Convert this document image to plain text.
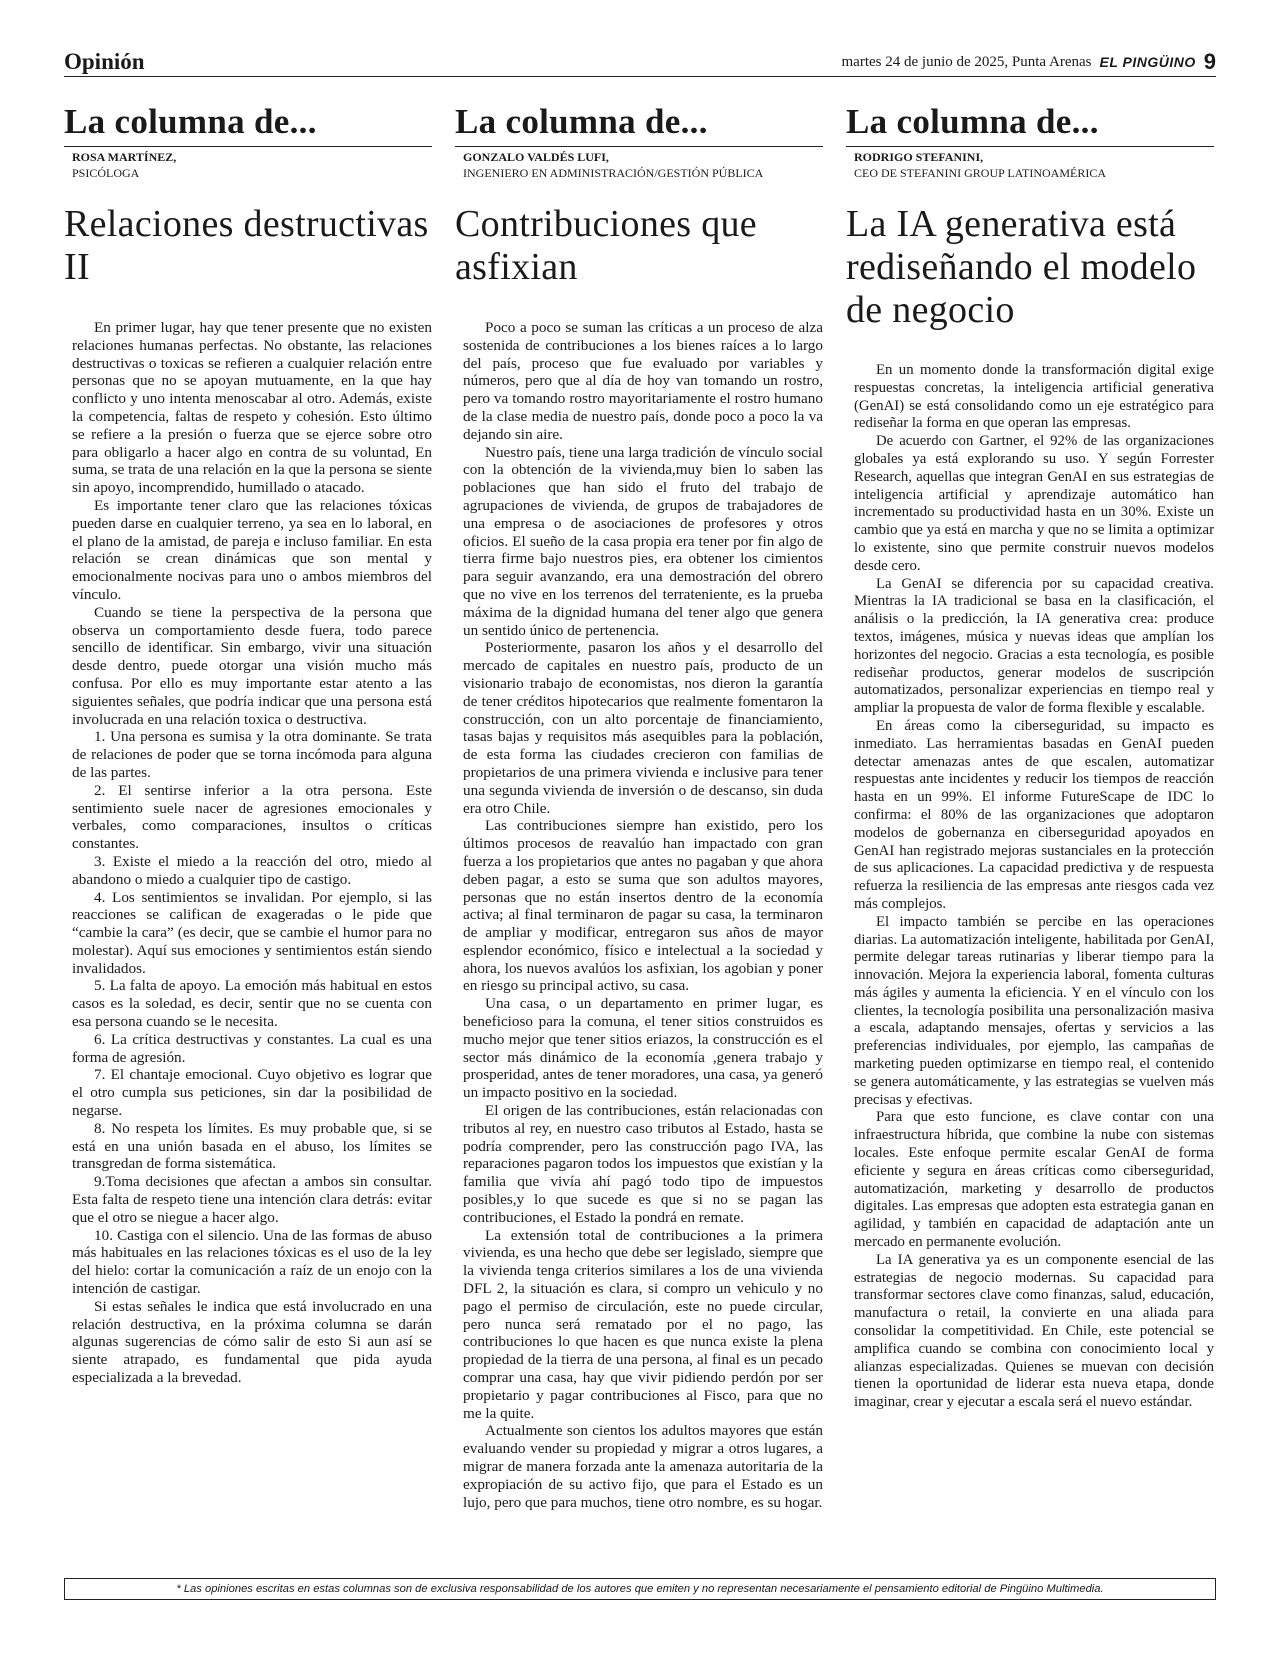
Opinión	martes 24 de junio de 2025, Punta Arenas EL PINGÜINO 9
La columna de...
ROSA MARTÍNEZ,
PSICÓLOGA
Relaciones destructivas II

En primer lugar, hay que tener presente que no existen relaciones humanas perfectas. No obstante, las relaciones destructivas o toxicas se refieren a cualquier relación entre personas que no se apoyan mutuamente, en la que hay conflicto y uno intenta menoscabar al otro. Además, existe la competencia, faltas de respeto y cohesión. Esto último se refiere a la presión o fuerza que se ejerce sobre otro para obligarlo a hacer algo en contra de su voluntad, En suma, se trata de una relación en la que la persona se siente sin apoyo, incomprendido, humillado o atacado.

Es importante tener claro que las relaciones tóxicas pueden darse en cualquier terreno, ya sea en lo laboral, en el plano de la amistad, de pareja e incluso familiar. En esta relación se crean dinámicas que son mental y emocionalmente nocivas para uno o ambos miembros del vínculo.

Cuando se tiene la perspectiva de la persona que observa un comportamiento desde fuera, todo parece sencillo de identificar. Sin embargo, vivir una situación desde dentro, puede otorgar una visión mucho más confusa. Por ello es muy importante estar atento a las siguientes señales, que podría indicar que una persona está involucrada en una relación toxica o destructiva.

1. Una persona es sumisa y la otra dominante. Se trata de relaciones de poder que se torna incómoda para alguna de las partes.

2. El sentirse inferior a la otra persona. Este sentimiento suele nacer de agresiones emocionales y verbales, como comparaciones, insultos o críticas constantes.

3. Existe el miedo a la reacción del otro, miedo al abandono o miedo a cualquier tipo de castigo.

4. Los sentimientos se invalidan. Por ejemplo, si las reacciones se califican de exageradas o le pide que “cambie la cara” (es decir, que se cambie el humor para no molestar). Aquí sus emociones y sentimientos están siendo invalidados.

5. La falta de apoyo. La emoción más habitual en estos casos es la soledad, es decir, sentir que no se cuenta con esa persona cuando se le necesita.

6. La crítica destructivas y constantes. La cual es una forma de agresión.

7. El chantaje emocional. Cuyo objetivo es lograr que el otro cumpla sus peticiones, sin dar la posibilidad de negarse.

8. No respeta los límites. Es muy probable que, si se está en una unión basada en el abuso, los límites se transgredan de forma sistemática.

9.Toma decisiones que afectan a ambos sin consultar. Esta falta de respeto tiene una intención clara detrás: evitar que el otro se niegue a hacer algo.

10. Castiga con el silencio. Una de las formas de abuso más habituales en las relaciones tóxicas es el uso de la ley del hielo: cortar la comunicación a raíz de un enojo con la intención de castigar.

Si estas señales le indica que está involucrado en una relación destructiva, en la próxima columna se darán algunas sugerencias de cómo salir de esto Si aun así se siente atrapado, es fundamental que pida ayuda especializada a la brevedad.

La columna de...
GONZALO VALDÉS LUFI,
INGENIERO EN ADMINISTRACIÓN/GESTIÓN PÚBLICA
Contribuciones que asfixian

Poco a poco se suman las críticas a un proceso de alza sostenida de contribuciones a los bienes raíces a lo largo del país, proceso que fue evaluado por variables y números, pero que al día de hoy van tomando un rostro, pero va tomando rostro mayoritariamente el rostro humano de la clase media de nuestro país, donde poco a poco la va dejando sin aire.

Nuestro país, tiene una larga tradición de vínculo social con la obtención de la vivienda,muy bien lo saben las poblaciones que han sido el fruto del trabajo de agrupaciones de vivienda, de grupos de trabajadores de una empresa o de asociaciones de profesores y otros oficios. El sueño de la casa propia era tener por fin algo de tierra firme bajo nuestros pies, era obtener los cimientos para seguir avanzando, era una demostración del obrero que no vive en los terrenos del terrateniente, es la prueba máxima de la dignidad humana del tener algo que genera un sentido único de pertenencia.

Posteriormente, pasaron los años y el desarrollo del mercado de capitales en nuestro país, producto de un visionario trabajo de economistas, nos dieron la garantía de tener créditos hipotecarios que realmente fomentaron la construcción, con un alto porcentaje de financiamiento, tasas bajas y requisitos más asequibles para la población, de esta forma las ciudades crecieron con familias de propietarios de una primera vivienda e inclusive para tener una segunda vivienda de inversión o de descanso, sin duda era otro Chile.

Las contribuciones siempre han existido, pero los últimos procesos de reavalúo han impactado con gran fuerza a los propietarios que antes no pagaban y que ahora deben pagar, a esto se suma que son adultos mayores, personas que no están insertos dentro de la economía activa; al final terminaron de pagar su casa, la terminaron de ampliar y modificar, entregaron sus años de mayor esplendor económico, físico e intelectual a la sociedad y ahora, los nuevos avalúos los asfixian, los agobian y poner en riesgo su principal activo, su casa.

Una casa, o un departamento en primer lugar, es beneficioso para la comuna, el tener sitios construidos es mucho mejor que tener sitios eriazos, la construcción es el sector más dinámico de la economía ,genera trabajo y prosperidad, antes de tener moradores, una casa, ya generó un impacto positivo en la sociedad.

El origen de las contribuciones, están relacionadas con tributos al rey, en nuestro caso tributos al Estado, hasta se podría comprender, pero las construcción pago IVA, las reparaciones pagaron todos los impuestos que existían y la familia que vivía ahí pagó todo tipo de impuestos posibles,y lo que sucede es que si no se pagan las contribuciones, el Estado la pondrá en remate.

La extensión total de contribuciones a la primera vivienda, es una hecho que debe ser legislado, siempre que la vivienda tenga criterios similares a los de una vivienda DFL 2, la situación es clara, si compro un vehiculo y no pago el permiso de circulación, este no puede circular, pero nunca será rematado por el no pago, las contribuciones lo que hacen es que nunca existe la plena propiedad de la tierra de una persona, al final es un pecado comprar una casa, hay que vivir pidiendo perdón por ser propietario y pagar contribuciones al Fisco, para que no me la quite.

Actualmente son cientos los adultos mayores que están evaluando vender su propiedad y migrar a otros lugares, a migrar de manera forzada ante la amenaza autoritaria de la expropiación de su activo fijo, que para el Estado es un lujo, pero que para muchos, tiene otro nombre, es su hogar.

La columna de...
RODRIGO STEFANINI,
CEO DE STEFANINI GROUP LATINOAMÉRICA
La IA generativa está rediseñando el modelo de negocio

En un momento donde la transformación digital exige respuestas concretas, la inteligencia artificial generativa (GenAI) se está consolidando como un eje estratégico para rediseñar la forma en que operan las empresas.

De acuerdo con Gartner, el 92% de las organizaciones globales ya está explorando su uso. Y según Forrester Research, aquellas que integran GenAI en sus estrategias de inteligencia artificial y aprendizaje automático han incrementado su productividad hasta en un 30%. Existe un cambio que ya está en marcha y que no se limita a optimizar lo existente, sino que permite construir nuevos modelos desde cero.

La GenAI se diferencia por su capacidad creativa. Mientras la IA tradicional se basa en la clasificación, el análisis o la predicción, la IA generativa crea: produce textos, imágenes, música y nuevas ideas que amplían los horizontes del negocio. Gracias a esta tecnología, es posible rediseñar productos, generar modelos de suscripción automatizados, personalizar experiencias en tiempo real y ampliar la propuesta de valor de forma flexible y escalable.

En áreas como la ciberseguridad, su impacto es inmediato. Las herramientas basadas en GenAI pueden detectar amenazas antes de que escalen, automatizar respuestas ante incidentes y reducir los tiempos de reacción hasta en un 99%. El informe FutureScape de IDC lo confirma: el 80% de las organizaciones que adoptaron modelos de gobernanza en ciberseguridad apoyados en GenAI han registrado mejoras sustanciales en la protección de sus aplicaciones. La capacidad predictiva y de respuesta refuerza la resiliencia de las empresas ante riesgos cada vez más complejos.

El impacto también se percibe en las operaciones diarias. La automatización inteligente, habilitada por GenAI, permite delegar tareas rutinarias y liberar tiempo para la innovación. Mejora la experiencia laboral, fomenta culturas más ágiles y aumenta la eficiencia. Y en el vínculo con los clientes, la tecnología posibilita una personalización masiva a escala, adaptando mensajes, ofertas y servicios a las preferencias individuales, por ejemplo, las campañas de marketing pueden optimizarse en tiempo real, el contenido se genera automáticamente, y las estrategias se vuelven más precisas y efectivas.

Para que esto funcione, es clave contar con una infraestructura híbrida, que combine la nube con sistemas locales. Este enfoque permite escalar GenAI de forma eficiente y segura en áreas críticas como ciberseguridad, automatización, marketing y desarrollo de productos digitales. Las empresas que adopten esta estrategia ganan en agilidad, y también en capacidad de adaptación ante un mercado en permanente evolución.

La IA generativa ya es un componente esencial de las estrategias de negocio modernas. Su capacidad para transformar sectores clave como finanzas, salud, educación, manufactura o retail, la convierte en una aliada para consolidar la competitividad. En Chile, este potencial se amplifica cuando se combina con conocimiento local y alianzas especializadas. Quienes se muevan con decisión tienen la oportunidad de liderar esta nueva etapa, donde imaginar, crear y ejecutar a escala será el nuevo estándar.

* Las opiniones escritas en estas columnas son de exclusiva responsabilidad de los autores que emiten y no representan necesariamente el pensamiento editorial de Pingüino Multimedia.
